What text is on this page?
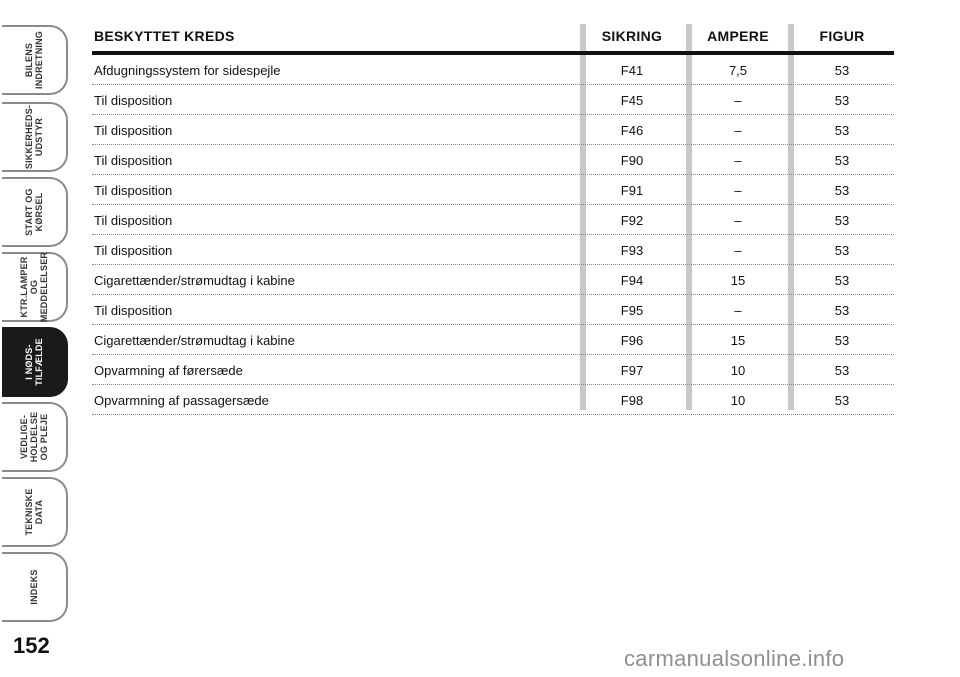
BILENS
INDRETNING
SIKKERHEDS-
UDSTYR
START OG
KØRSEL
KTR.LAMPER
OG
MEDDELELSER
I NØDS-
TILFÆLDE
VEDLIGE-
HOLDELSE
OG PLEJE
TEKNISKE
DATA
INDEKS
152
BESKYTTET KREDS	SIKRING	AMPERE	FIGUR
Afdugningssystem for sidespejle	F41	7,5	53
Til disposition	F45	–	53
Til disposition	F46	–	53
Til disposition	F90	–	53
Til disposition	F91	–	53
Til disposition	F92	–	53
Til disposition	F93	–	53
Cigarettænder/strømudtag i kabine	F94	15	53
Til disposition	F95	–	53
Cigarettænder/strømudtag i kabine	F96	15	53
Opvarmning af førersæde	F97	10	53
Opvarmning af passagersæde	F98	10	53
carmanualsonline.info
